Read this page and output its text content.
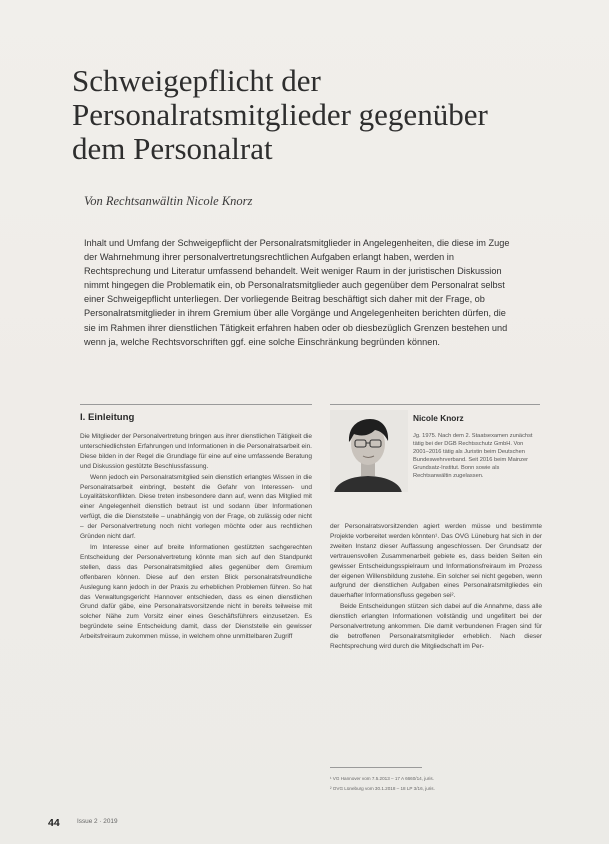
Schweigepflicht der Personalratsmitglieder gegenüber dem Personalrat
Von Rechtsanwältin Nicole Knorz

Inhalt und Umfang der Schweigepflicht der Personalratsmitglieder in Angelegenheiten, die diese im Zuge der Wahrnehmung ihrer personalvertretungsrechtlichen Aufgaben erlangt haben, werden in Rechtsprechung und Literatur umfassend behandelt. Weit weniger Raum in der juristischen Diskussion nimmt hingegen die Problematik ein, ob Personalratsmitglieder auch gegenüber dem Personalrat selbst einer Schweigepflicht unterliegen. Der vorliegende Beitrag beschäftigt sich daher mit der Frage, ob Personalratsmitglieder in ihrem Gremium über alle Vorgänge und Angelegenheiten berichten dürfen, die sie im Rahmen ihrer dienstlichen Tätigkeit erfahren haben oder ob diesbezüglich Grenzen bestehen und wenn ja, welche Rechtsvorschriften ggf. eine solche Einschränkung begründen können.

I. Einleitung

Die Mitglieder der Personalvertretung bringen aus ihrer dienstlichen Tätigkeit die unterschiedlichsten Erfahrungen und Informationen in die Personalratsarbeit ein. Diese bilden in der Regel die Grundlage für eine auf eine umfassende Beratung und Diskussion gestützte Beschlussfassung.

Wenn jedoch ein Personalratsmitglied sein dienstlich erlangtes Wissen in die Personalratsarbeit einbringt, besteht die Gefahr von Interessen- und Loyalitätskonflikten. Diese treten insbesondere dann auf, wenn das Mitglied mit einer Angelegenheit dienstlich betraut ist und sodann über Informationen verfügt, die die Dienststelle – unabhängig von der Frage, ob zulässig oder nicht – der Personalvertretung noch nicht vorlegen möchte oder aus rechtlichen Gründen nicht darf.

Im Interesse einer auf breite Informationen gestützten sachgerechten Entscheidung der Personalvertretung könnte man sich auf den Standpunkt stellen, dass das Personalratsmitglied alles gegenüber dem Gremium offenbaren können. Diese auf den ersten Blick personalratsfreundliche Auslegung kann jedoch in der Praxis zu erheblichen Problemen führen. So hat das Verwaltungsgericht Hannover entschieden, dass es einen dienstlichen Grund dafür gäbe, eine Personalratsvorsitzende nicht in bereits teilweise mit solcher Nähe zum Vorsitz einer eines Geschäftsführers einzusetzen. Es begründete seine Entscheidung damit, dass der Dienststelle ein gewisser Arbeitsfreiraum zukommen müsse, in welchem ohne unmittelbaren Zugriff

Nicole Knorz
Jg. 1975. Nach dem 2. Staatsexamen zunächst tätig bei der DGB Rechtsschutz GmbH. Von 2001–2016 tätig als Juristin beim Deutschen Bundeswehrverband. Seit 2016 beim Mainzer Grundsatz-Institut. Bonn sowie als Rechtsanwältin zugelassen.

der Personalratsvorsitzenden agiert werden müsse und bestimmte Projekte vorbereitet werden könnten¹. Das OVG Lüneburg hat sich in der zweiten Instanz dieser Auffassung angeschlossen. Der Grundsatz der vertrauensvollen Zusammenarbeit gebiete es, dass beiden Seiten ein gewisser Entscheidungsspielraum und Informationsfreiraum im Prozess der eigenen Willensbildung zustehe. Ein solcher sei nicht gegeben, wenn aufgrund der dienstlichen Aufgaben eines Personalratsmitgliedes ein dauerhafter Informationsfluss gegeben sei².

Beide Entscheidungen stützen sich dabei auf die Annahme, dass alle dienstlich erlangten Informationen vollständig und ungefiltert bei der Personalvertretung ankommen. Die damit verbundenen Fragen sind für die betroffenen Personalratsmitglieder erheblich. Nach dieser Rechtsprechung wird durch die Mitgliedschaft im Per-

¹ VG Hannover vom 7.5.2013 – 17 A 6660/14, juris.
² OVG Lüneburg vom 30.1.2018 – 18 LP 3/16, juris.
44	Issue 2 · 2019
